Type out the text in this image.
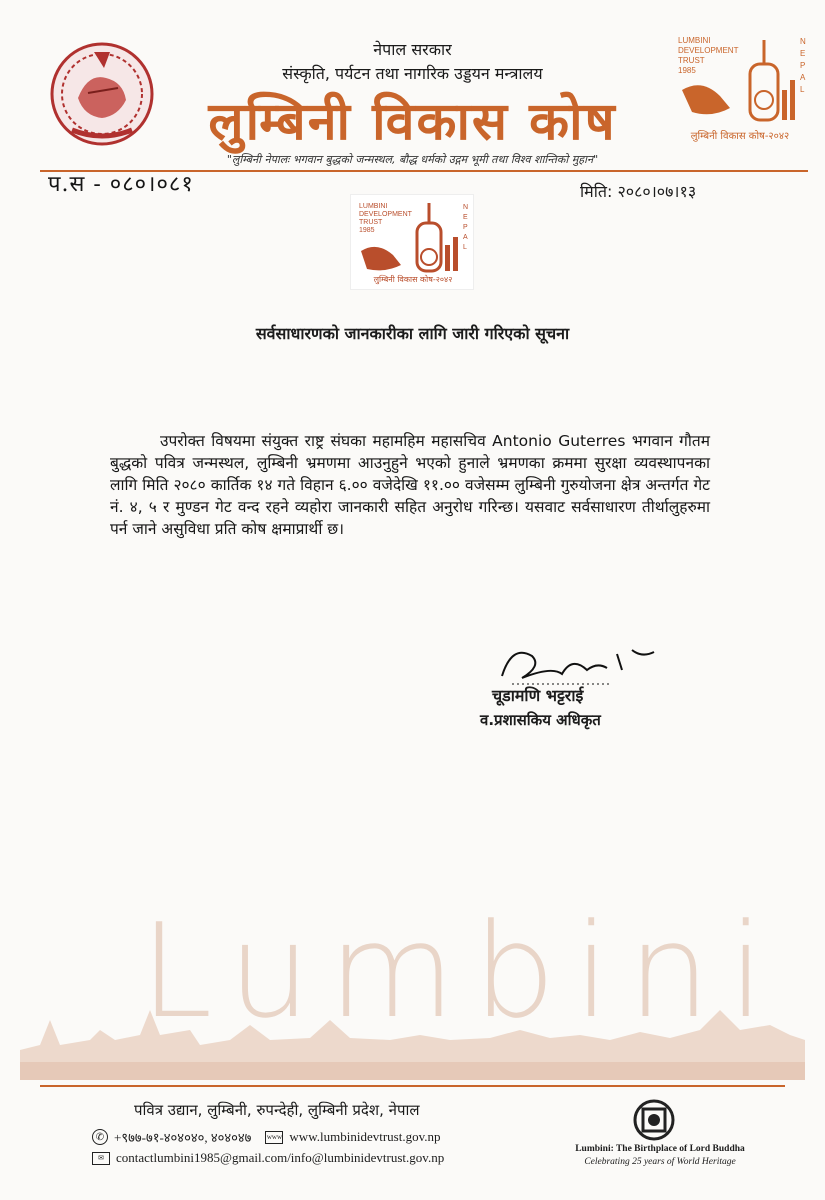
नेपाल सरकार
संस्कृति, पर्यटन तथा नागरिक उड्डयन मन्त्रालय
लुम्बिनी विकास कोष
"लुम्बिनी नेपालः भगवान बुद्धको जन्मस्थल, बौद्ध धर्मको उद्गम भूमी तथा विश्व शान्तिको मुहान"
LUMBINI
DEVELOPMENT
TRUST
1985
N
E
P
A
L
लुम्बिनी विकास कोष-२०४२
प.स - ०८०।०८१	मिति: २०८०।०७।१३
LUMBINI
DEVELOPMENT
TRUST
1985
N
E
P
A
L
लुम्बिनी विकास कोष-२०४२
सर्वसाधारणको जानकारीका लागि जारी गरिएको सूचना
उपरोक्त विषयमा संयुक्त राष्ट्र संघका महामहिम महासचिव Antonio Guterres भगवान गौतम बुद्धको पवित्र जन्मस्थल, लुम्बिनी भ्रमणमा आउनुहुने भएको हुनाले भ्रमणका क्रममा सुरक्षा व्यवस्थापनका लागि मिति २०८० कार्तिक १४ गते विहान ६.०० वजेदेखि ११.०० वजेसम्म लुम्बिनी गुरुयोजना क्षेत्र अन्तर्गत गेट नं. ४, ५ र मुण्डन गेट वन्द रहने व्यहोरा जानकारी सहित अनुरोध गरिन्छ। यसवाट सर्वसाधारण तीर्थालुहरुमा पर्न जाने असुविधा प्रति कोष क्षमाप्रार्थी छ।
चूडामणि भट्टराई
व.प्रशासकिय अधिकृत
Lumbini
पवित्र उद्यान, लुम्बिनी, रुपन्देही, लुम्बिनी प्रदेश, नेपाल
✆ +९७७-७१-४०४०४०, ४०४०४७ www www.lumbinidevtrust.gov.np
✉ contactlumbini1985@gmail.com/info@lumbinidevtrust.gov.np
Lumbini: The Birthplace of Lord Buddha
Celebrating 25 years of World Heritage
